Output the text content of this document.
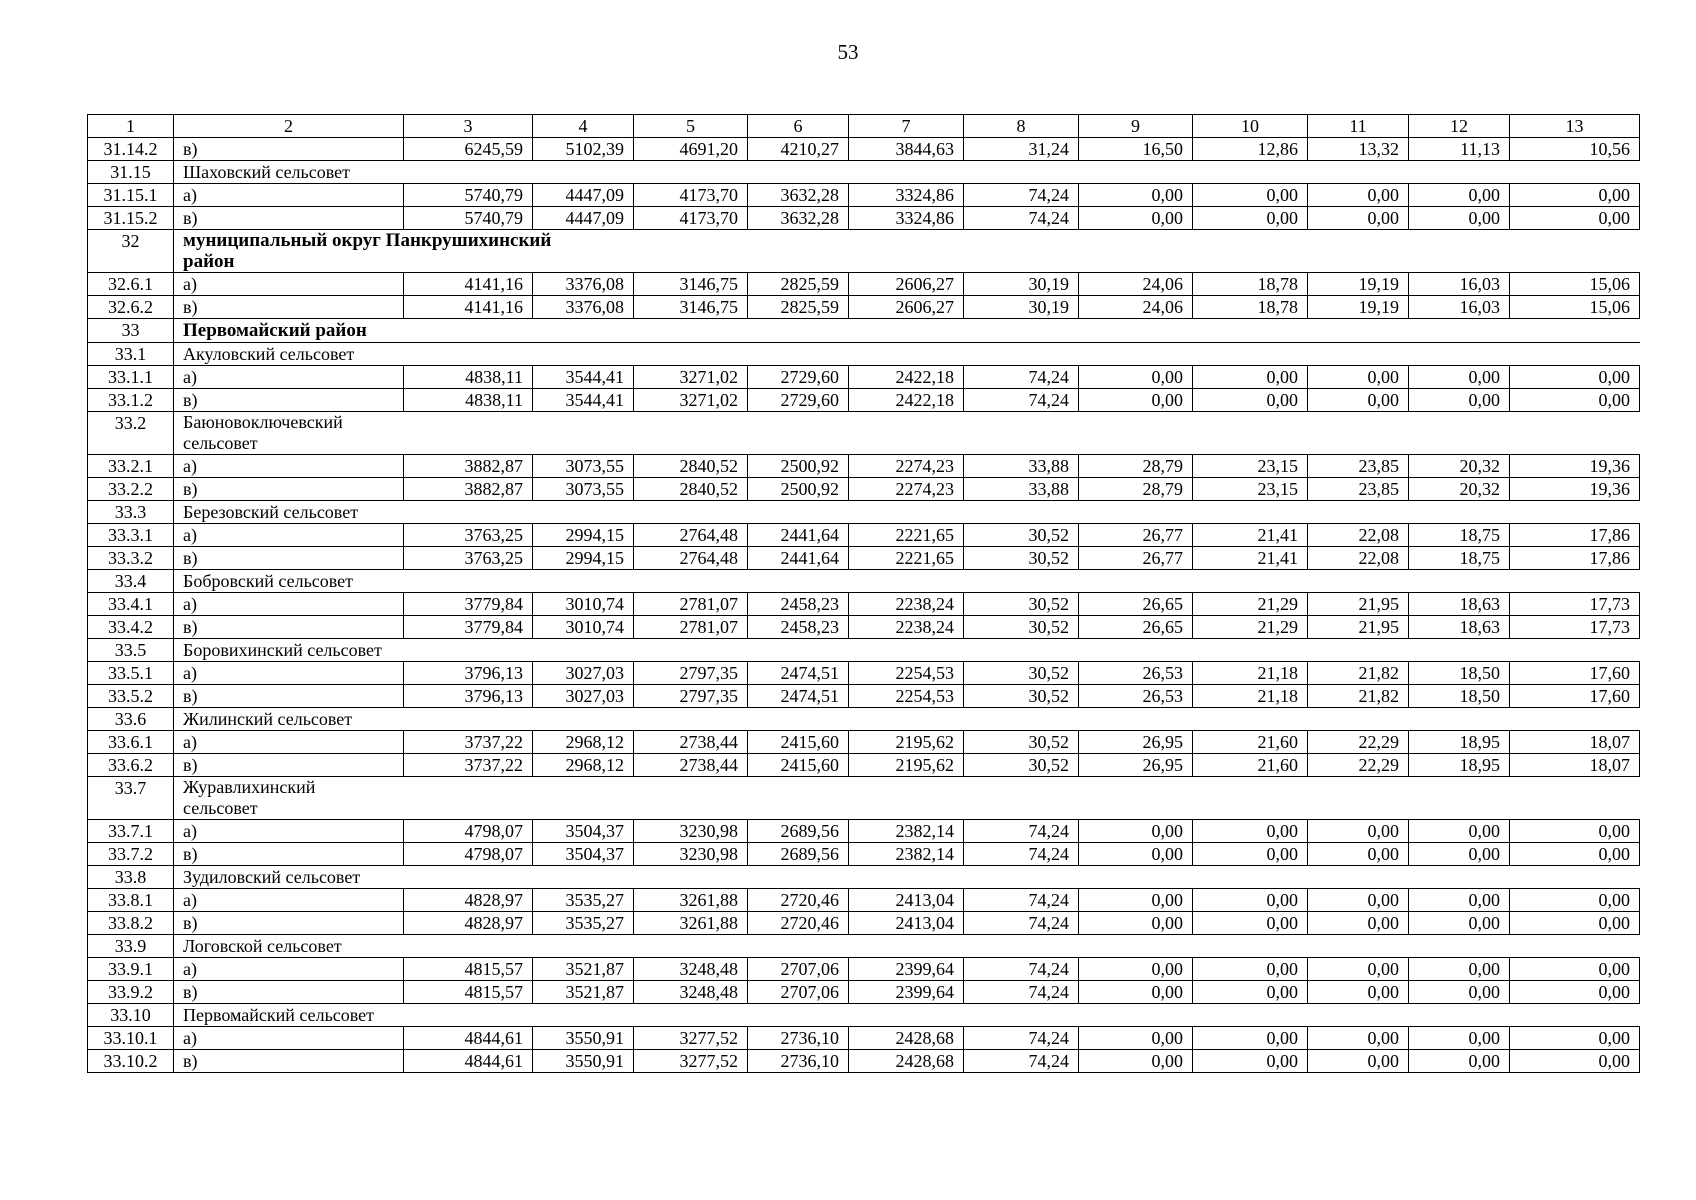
53
1	2	3	4	5	6	7	8	9	10	11	12	13
31.14.2	в)	6245,59	5102,39	4691,20	4210,27	3844,63	31,24	16,50	12,86	13,32	11,13	10,56
31.15	Шаховский сельсовет											
31.15.1	а)	5740,79	4447,09	4173,70	3632,28	3324,86	74,24	0,00	0,00	0,00	0,00	0,00
31.15.2	в)	5740,79	4447,09	4173,70	3632,28	3324,86	74,24	0,00	0,00	0,00	0,00	0,00
32	муниципальный округ Панкрушихинский район											
32.6.1	а)	4141,16	3376,08	3146,75	2825,59	2606,27	30,19	24,06	18,78	19,19	16,03	15,06
32.6.2	в)	4141,16	3376,08	3146,75	2825,59	2606,27	30,19	24,06	18,78	19,19	16,03	15,06
33	Первомайский район											
33.1	Акуловский сельсовет											
33.1.1	а)	4838,11	3544,41	3271,02	2729,60	2422,18	74,24	0,00	0,00	0,00	0,00	0,00
33.1.2	в)	4838,11	3544,41	3271,02	2729,60	2422,18	74,24	0,00	0,00	0,00	0,00	0,00
33.2	Баюновоключевский сельсовет											
33.2.1	а)	3882,87	3073,55	2840,52	2500,92	2274,23	33,88	28,79	23,15	23,85	20,32	19,36
33.2.2	в)	3882,87	3073,55	2840,52	2500,92	2274,23	33,88	28,79	23,15	23,85	20,32	19,36
33.3	Березовский сельсовет											
33.3.1	а)	3763,25	2994,15	2764,48	2441,64	2221,65	30,52	26,77	21,41	22,08	18,75	17,86
33.3.2	в)	3763,25	2994,15	2764,48	2441,64	2221,65	30,52	26,77	21,41	22,08	18,75	17,86
33.4	Бобровский сельсовет											
33.4.1	а)	3779,84	3010,74	2781,07	2458,23	2238,24	30,52	26,65	21,29	21,95	18,63	17,73
33.4.2	в)	3779,84	3010,74	2781,07	2458,23	2238,24	30,52	26,65	21,29	21,95	18,63	17,73
33.5	Боровихинский сельсовет											
33.5.1	а)	3796,13	3027,03	2797,35	2474,51	2254,53	30,52	26,53	21,18	21,82	18,50	17,60
33.5.2	в)	3796,13	3027,03	2797,35	2474,51	2254,53	30,52	26,53	21,18	21,82	18,50	17,60
33.6	Жилинский сельсовет											
33.6.1	а)	3737,22	2968,12	2738,44	2415,60	2195,62	30,52	26,95	21,60	22,29	18,95	18,07
33.6.2	в)	3737,22	2968,12	2738,44	2415,60	2195,62	30,52	26,95	21,60	22,29	18,95	18,07
33.7	Журавлихинский сельсовет											
33.7.1	а)	4798,07	3504,37	3230,98	2689,56	2382,14	74,24	0,00	0,00	0,00	0,00	0,00
33.7.2	в)	4798,07	3504,37	3230,98	2689,56	2382,14	74,24	0,00	0,00	0,00	0,00	0,00
33.8	Зудиловский сельсовет											
33.8.1	а)	4828,97	3535,27	3261,88	2720,46	2413,04	74,24	0,00	0,00	0,00	0,00	0,00
33.8.2	в)	4828,97	3535,27	3261,88	2720,46	2413,04	74,24	0,00	0,00	0,00	0,00	0,00
33.9	Логовской сельсовет											
33.9.1	а)	4815,57	3521,87	3248,48	2707,06	2399,64	74,24	0,00	0,00	0,00	0,00	0,00
33.9.2	в)	4815,57	3521,87	3248,48	2707,06	2399,64	74,24	0,00	0,00	0,00	0,00	0,00
33.10	Первомайский сельсовет											
33.10.1	а)	4844,61	3550,91	3277,52	2736,10	2428,68	74,24	0,00	0,00	0,00	0,00	0,00
33.10.2	в)	4844,61	3550,91	3277,52	2736,10	2428,68	74,24	0,00	0,00	0,00	0,00	0,00
